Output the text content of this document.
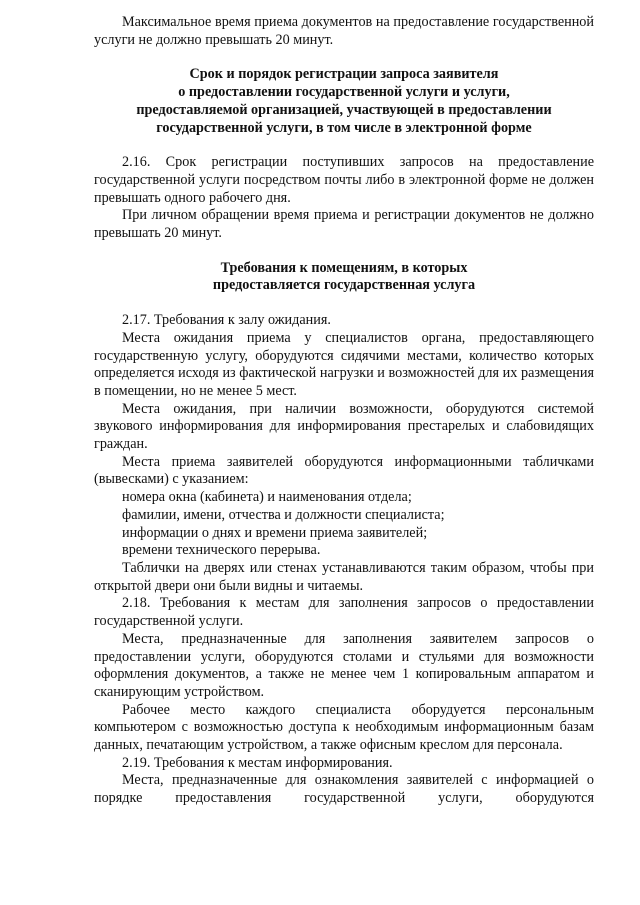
Максимальное время приема документов на предоставление государственной услуги не должно превышать 20 минут.

Срок и порядок регистрации запроса заявителя
о предоставлении государственной услуги и услуги,
предоставляемой организацией, участвующей в предоставлении
государственной услуги, в том числе в электронной форме

2.16. Срок регистрации поступивших запросов на предоставление государственной услуги посредством почты либо в электронной форме не должен превышать одного рабочего дня.

При личном обращении время приема и регистрации документов не должно превышать 20 минут.

Требования к помещениям, в которых
предоставляется государственная услуга

2.17. Требования к залу ожидания.

Места ожидания приема у специалистов органа, предоставляющего государственную услугу, оборудуются сидячими местами, количество которых определяется исходя из фактической нагрузки и возможностей для их размещения в помещении, но не менее 5 мест.

Места ожидания, при наличии возможности, оборудуются системой звукового информирования для информирования престарелых и слабовидящих граждан.

Места приема заявителей оборудуются информационными табличками (вывесками) с указанием:

номера окна (кабинета) и наименования отдела;

фамилии, имени, отчества и должности специалиста;

информации о днях и времени приема заявителей;

времени технического перерыва.

Таблички на дверях или стенах устанавливаются таким образом, чтобы при открытой двери они были видны и читаемы.

2.18. Требования к местам для заполнения запросов о предоставлении государственной услуги.

Места, предназначенные для заполнения заявителем запросов о предоставлении услуги, оборудуются столами и стульями для возможности оформления документов, а также не менее чем 1 копировальным аппаратом и сканирующим устройством.

Рабочее место каждого специалиста оборудуется персональным компьютером с возможностью доступа к необходимым информационным базам данных, печатающим устройством, а также офисным креслом для персонала.

2.19. Требования к местам информирования.

Места, предназначенные для ознакомления заявителей с информацией о порядке предоставления государственной услуги, оборудуются
